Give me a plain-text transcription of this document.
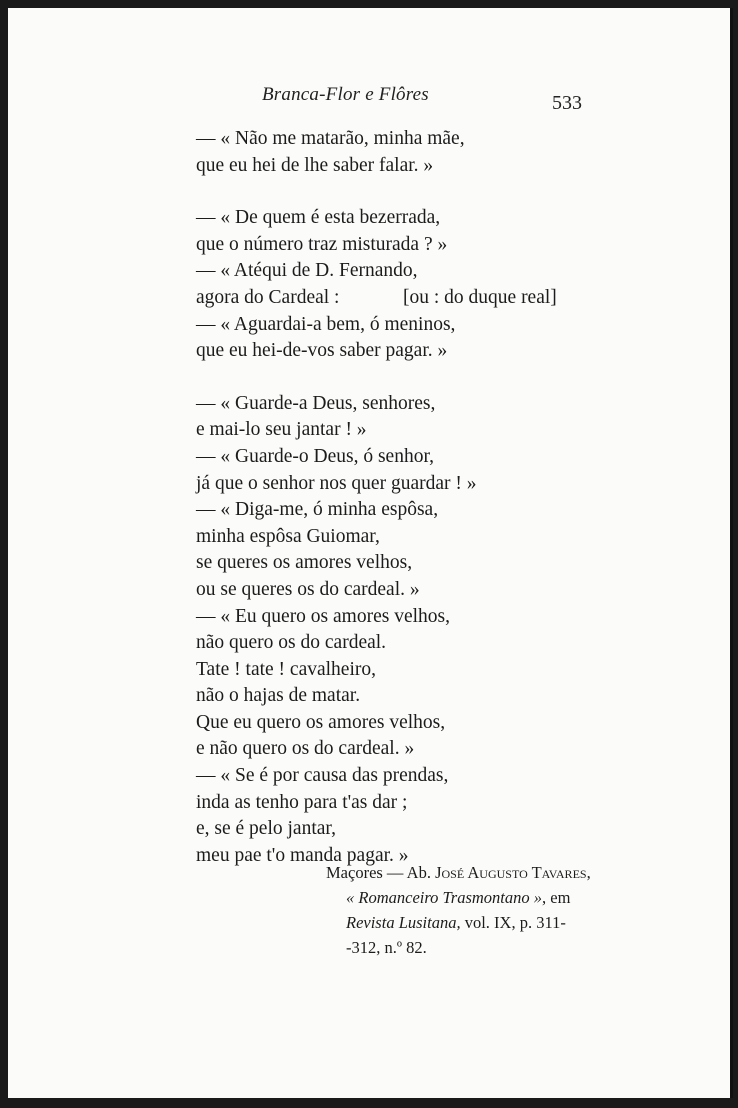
Branca-Flor e Flôres	533
— « Não me matarão, minha mãe,
que eu hei de lhe saber falar. »
— « De quem é esta bezerrada,
que o número traz misturada ? »
— « Atéqui de D. Fernando,
agora do Cardeal :	[ou : do duque real]
— « Aguardai-a bem, ó meninos,
que eu hei-de-vos saber pagar. »
— « Guarde-a Deus, senhores,
e mai-lo seu jantar ! »
— « Guarde-o Deus, ó senhor,
já que o senhor nos quer guardar ! »
— « Diga-me, ó minha espôsa,
minha espôsa Guiomar,
se queres os amores velhos,
ou se queres os do cardeal. »
— « Eu quero os amores velhos,
não quero os do cardeal.
Tate ! tate ! cavalheiro,
não o hajas de matar.
Que eu quero os amores velhos,
e não quero os do cardeal. »
— « Se é por causa das prendas,
inda as tenho para t'as dar ;
e, se é pelo jantar,
meu pae t'o manda pagar. »
Maçores — Ab. José Augusto Tavares,
« Romanceiro Trasmontano », em
Revista Lusitana, vol. IX, p. 311-
-312, n.º 82.
